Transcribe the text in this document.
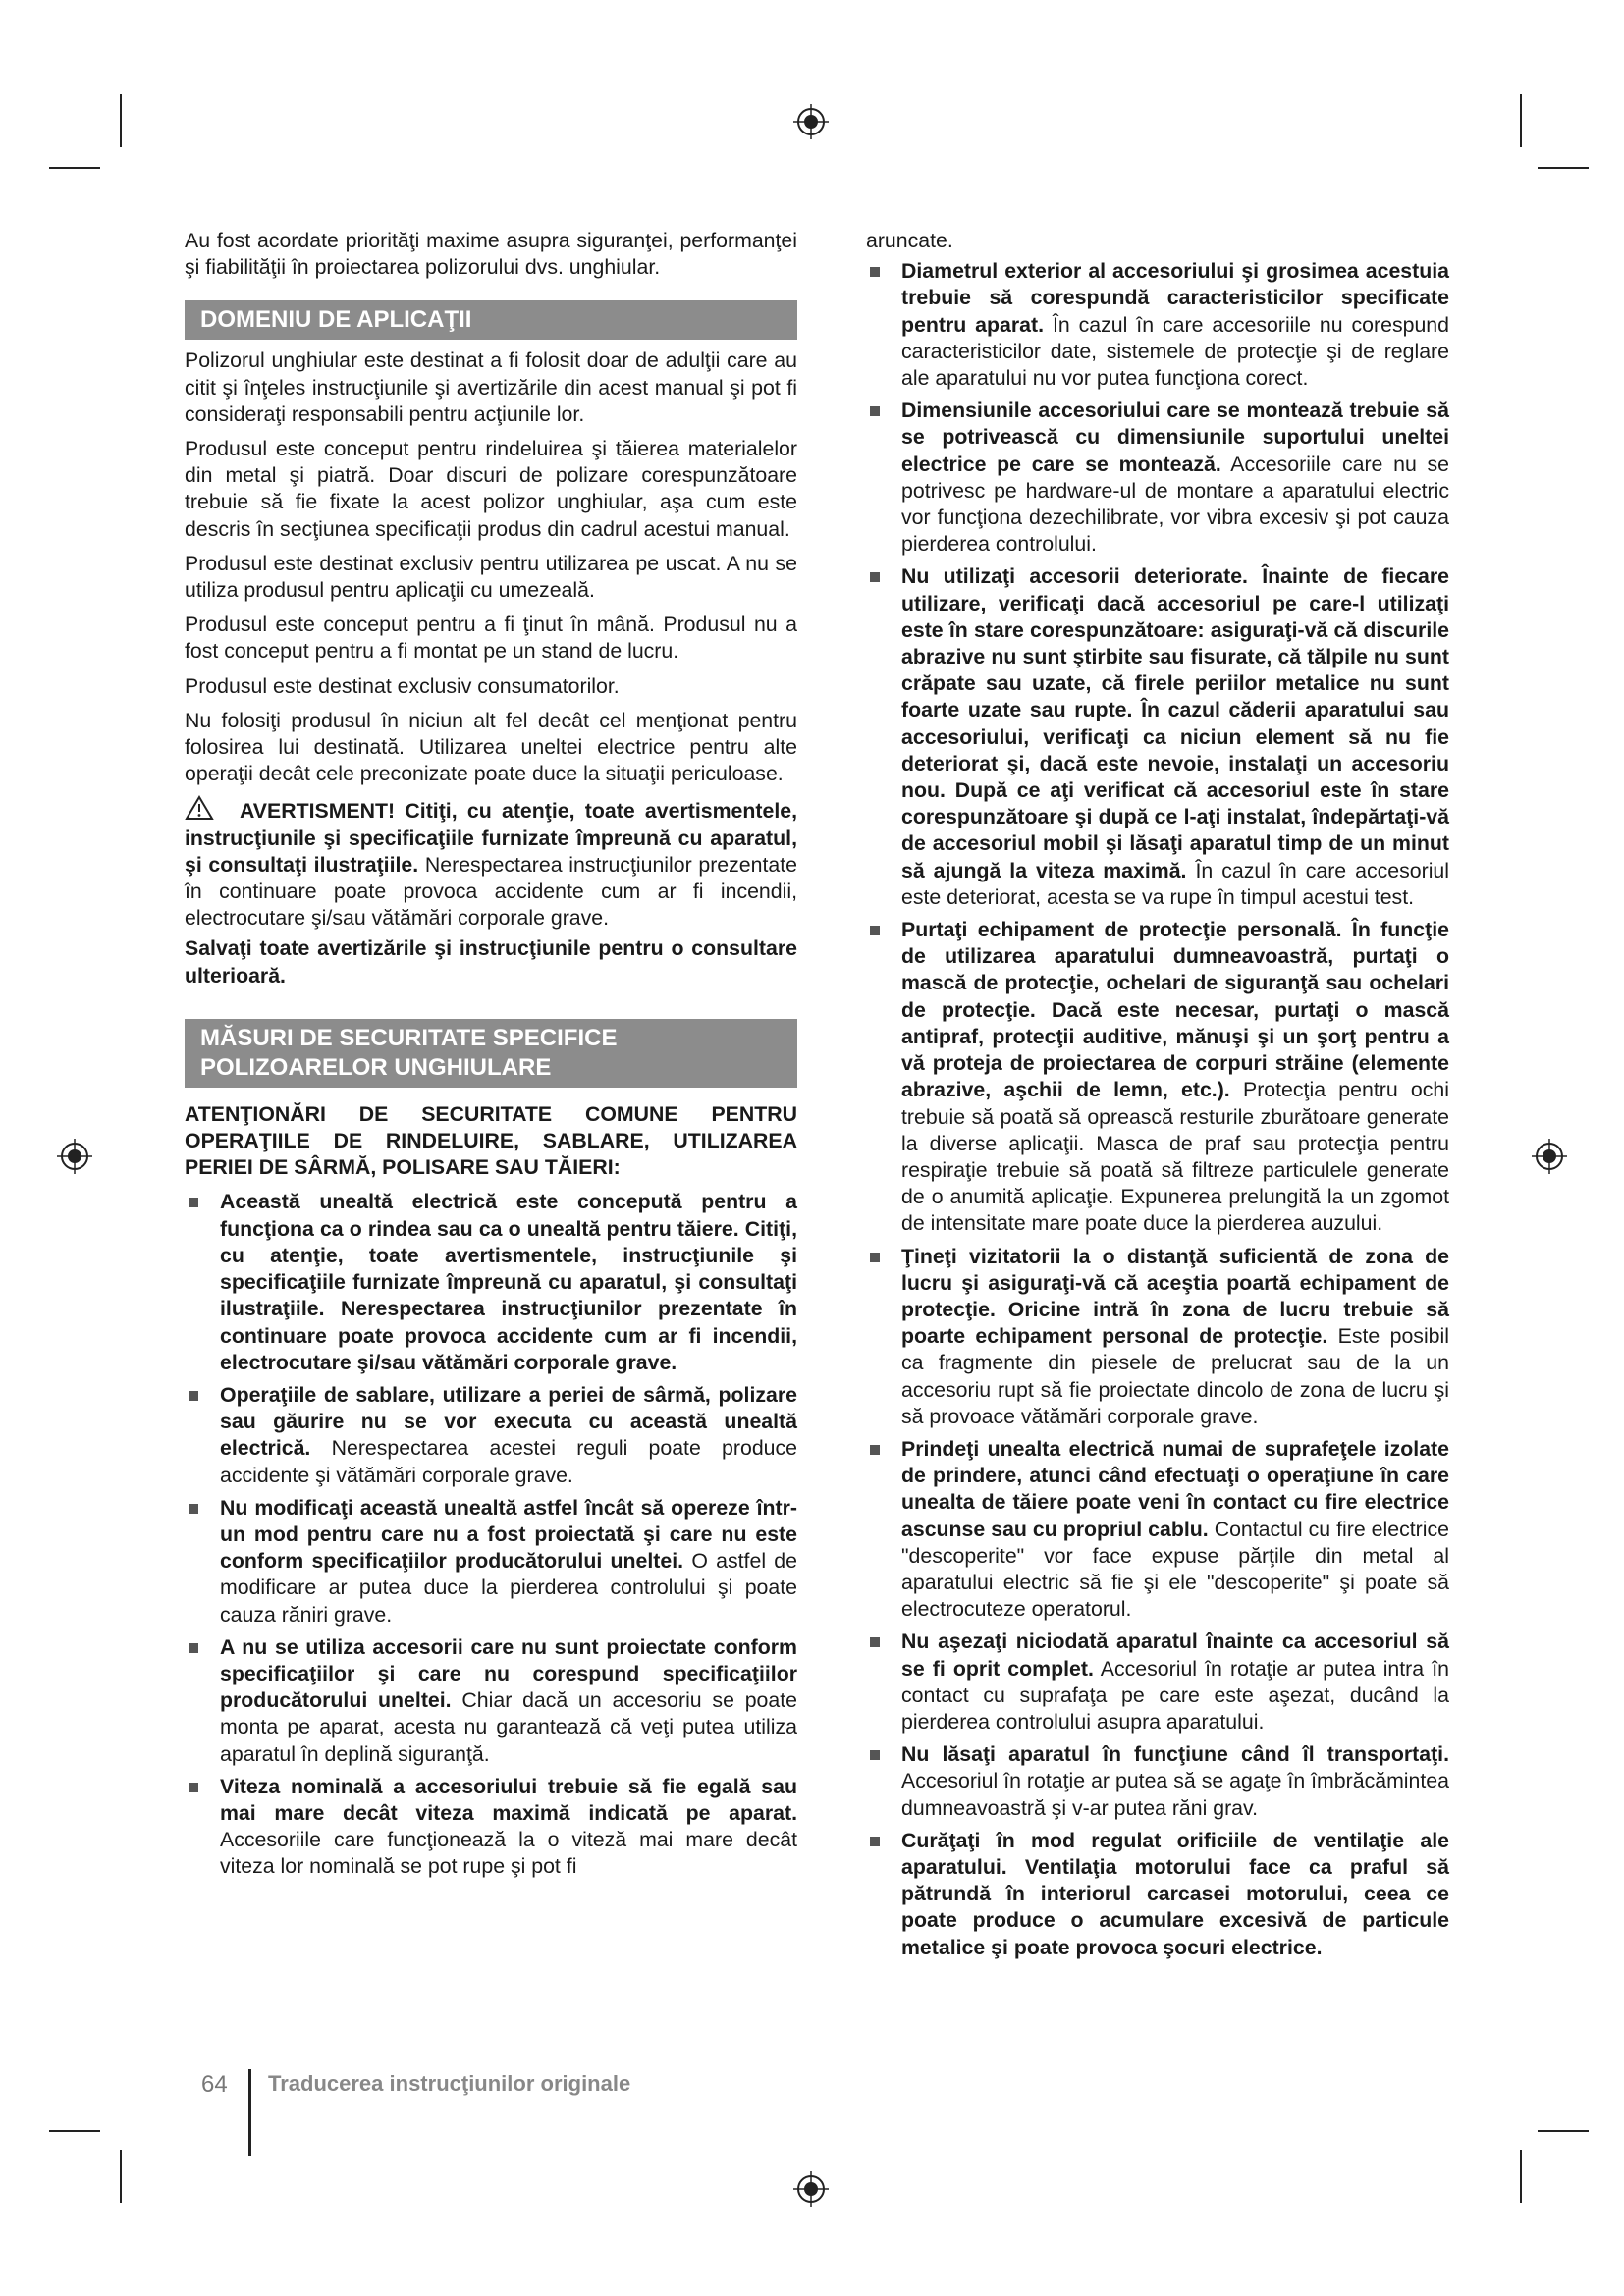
Au fost acordate priorităţi maxime asupra siguranţei, performanţei şi fiabilităţii în proiectarea polizorului dvs. unghiular.

DOMENIU DE APLICAŢII

Polizorul unghiular este destinat a fi folosit doar de adulţii care au citit şi înţeles instrucţiunile şi avertizările din acest manual şi pot fi consideraţi responsabili pentru acţiunile lor.

Produsul este conceput pentru rindeluirea şi tăierea materialelor din metal şi piatră. Doar discuri de polizare corespunzătoare trebuie să fie fixate la acest polizor unghiular, aşa cum este descris în secţiunea specificaţii produs din cadrul acestui manual.

Produsul este destinat exclusiv pentru utilizarea pe uscat. A nu se utiliza produsul pentru aplicaţii cu umezeală.

Produsul este conceput pentru a fi ţinut în mână. Produsul nu a fost conceput pentru a fi montat pe un stand de lucru.

Produsul este destinat exclusiv consumatorilor.

Nu folosiţi produsul în niciun alt fel decât cel menţionat pentru folosirea lui destinată. Utilizarea uneltei electrice pentru alte operaţii decât cele preconizate poate duce la situaţii periculoase.

AVERTISMENT! Citiţi, cu atenţie, toate avertismentele, instrucţiunile şi specificaţiile furnizate împreună cu aparatul, şi consultaţi ilustraţiile. Nerespectarea instrucţiunilor prezentate în continuare poate provoca accidente cum ar fi incendii, electrocutare şi/sau vătămări corporale grave.

Salvaţi toate avertizările şi instrucţiunile pentru o consultare ulterioară.

MĂSURI DE SECURITATE SPECIFICE
POLIZOARELOR UNGHIULARE

ATENŢIONĂRI DE SECURITATE COMUNE PENTRU OPERAŢIILE DE RINDELUIRE, SABLARE, UTILIZAREA PERIEI DE SÂRMĂ, POLISARE SAU TĂIERI:

Această unealtă electrică este concepută pentru a funcţiona ca o rindea sau ca o unealtă pentru tăiere. Citiţi, cu atenţie, toate avertismentele, instrucţiunile şi specificaţiile furnizate împreună cu aparatul, şi consultaţi ilustraţiile. Nerespectarea instrucţiunilor prezentate în continuare poate provoca accidente cum ar fi incendii, electrocutare şi/sau vătămări corporale grave.
Operaţiile de sablare, utilizare a periei de sârmă, polizare sau găurire nu se vor executa cu această unealtă electrică. Nerespectarea acestei reguli poate produce accidente şi vătămări corporale grave.
Nu modificaţi această unealtă astfel încât să opereze într-un mod pentru care nu a fost proiectată şi care nu este conform specificaţiilor producătorului uneltei. O astfel de modificare ar putea duce la pierderea controlului şi poate cauza răniri grave.
A nu se utiliza accesorii care nu sunt proiectate conform specificaţiilor şi care nu corespund specificaţiilor producătorului uneltei. Chiar dacă un accesoriu se poate monta pe aparat, acesta nu garantează că veţi putea utiliza aparatul în deplină siguranţă.
Viteza nominală a accesoriului trebuie să fie egală sau mai mare decât viteza maximă indicată pe aparat. Accesoriile care funcţionează la o viteză mai mare decât viteza lor nominală se pot rupe şi pot fi

aruncate.

Diametrul exterior al accesoriului şi grosimea acestuia trebuie să corespundă caracteristicilor specificate pentru aparat. În cazul în care accesoriile nu corespund caracteristicilor date, sistemele de protecţie şi de reglare ale aparatului nu vor putea funcţiona corect.
Dimensiunile accesoriului care se montează trebuie să se potrivească cu dimensiunile suportului uneltei electrice pe care se montează. Accesoriile care nu se potrivesc pe hardware-ul de montare a aparatului electric vor funcţiona dezechilibrate, vor vibra excesiv şi pot cauza pierderea controlului.
Nu utilizaţi accesorii deteriorate. Înainte de fiecare utilizare, verificaţi dacă accesoriul pe care-l utilizaţi este în stare corespunzătoare: asiguraţi-vă că discurile abrazive nu sunt ştirbite sau fisurate, că tălpile nu sunt crăpate sau uzate, că firele periilor metalice nu sunt foarte uzate sau rupte. În cazul căderii aparatului sau accesoriului, verificaţi ca niciun element să nu fie deteriorat şi, dacă este nevoie, instalaţi un accesoriu nou. După ce aţi verificat că accesoriul este în stare corespunzătoare şi după ce l-aţi instalat, îndepărtaţi-vă de accesoriul mobil şi lăsaţi aparatul timp de un minut să ajungă la viteza maximă. În cazul în care accesoriul este deteriorat, acesta se va rupe în timpul acestui test.
Purtaţi echipament de protecţie personală. În funcţie de utilizarea aparatului dumneavoastră, purtaţi o mască de protecţie, ochelari de siguranţă sau ochelari de protecţie. Dacă este necesar, purtaţi o mască antipraf, protecţii auditive, mănuşi şi un şorţ pentru a vă proteja de proiectarea de corpuri străine (elemente abrazive, aşchii de lemn, etc.). Protecţia pentru ochi trebuie să poată să oprească resturile zburătoare generate la diverse aplicaţii. Masca de praf sau protecţia pentru respiraţie trebuie să poată să filtreze particulele generate de o anumită aplicaţie. Expunerea prelungită la un zgomot de intensitate mare poate duce la pierderea auzului.
Ţineţi vizitatorii la o distanţă suficientă de zona de lucru şi asiguraţi-vă că aceştia poartă echipament de protecţie. Oricine intră în zona de lucru trebuie să poarte echipament personal de protecţie. Este posibil ca fragmente din piesele de prelucrat sau de la un accesoriu rupt să fie proiectate dincolo de zona de lucru şi să provoace vătămări corporale grave.
Prindeţi unealta electrică numai de suprafeţele izolate de prindere, atunci când efectuaţi o operaţiune în care unealta de tăiere poate veni în contact cu fire electrice ascunse sau cu propriul cablu. Contactul cu fire electrice "descoperite" vor face expuse părţile din metal al aparatului electric să fie şi ele "descoperite" şi poate să electrocuteze operatorul.
Nu aşezaţi niciodată aparatul înainte ca accesoriul să se fi oprit complet. Accesoriul în rotaţie ar putea intra în contact cu suprafaţa pe care este aşezat, ducând la pierderea controlului asupra aparatului.
Nu lăsaţi aparatul în funcţiune când îl transportaţi. Accesoriul în rotaţie ar putea să se agaţe în îmbrăcămintea dumneavoastră şi v-ar putea răni grav.
Curăţaţi în mod regulat orificiile de ventilaţie ale aparatului. Ventilaţia motorului face ca praful să pătrundă în interiorul carcasei motorului, ceea ce poate produce o acumulare excesivă de particule metalice şi poate provoca şocuri electrice.
64 Traducerea instrucţiunilor originale
